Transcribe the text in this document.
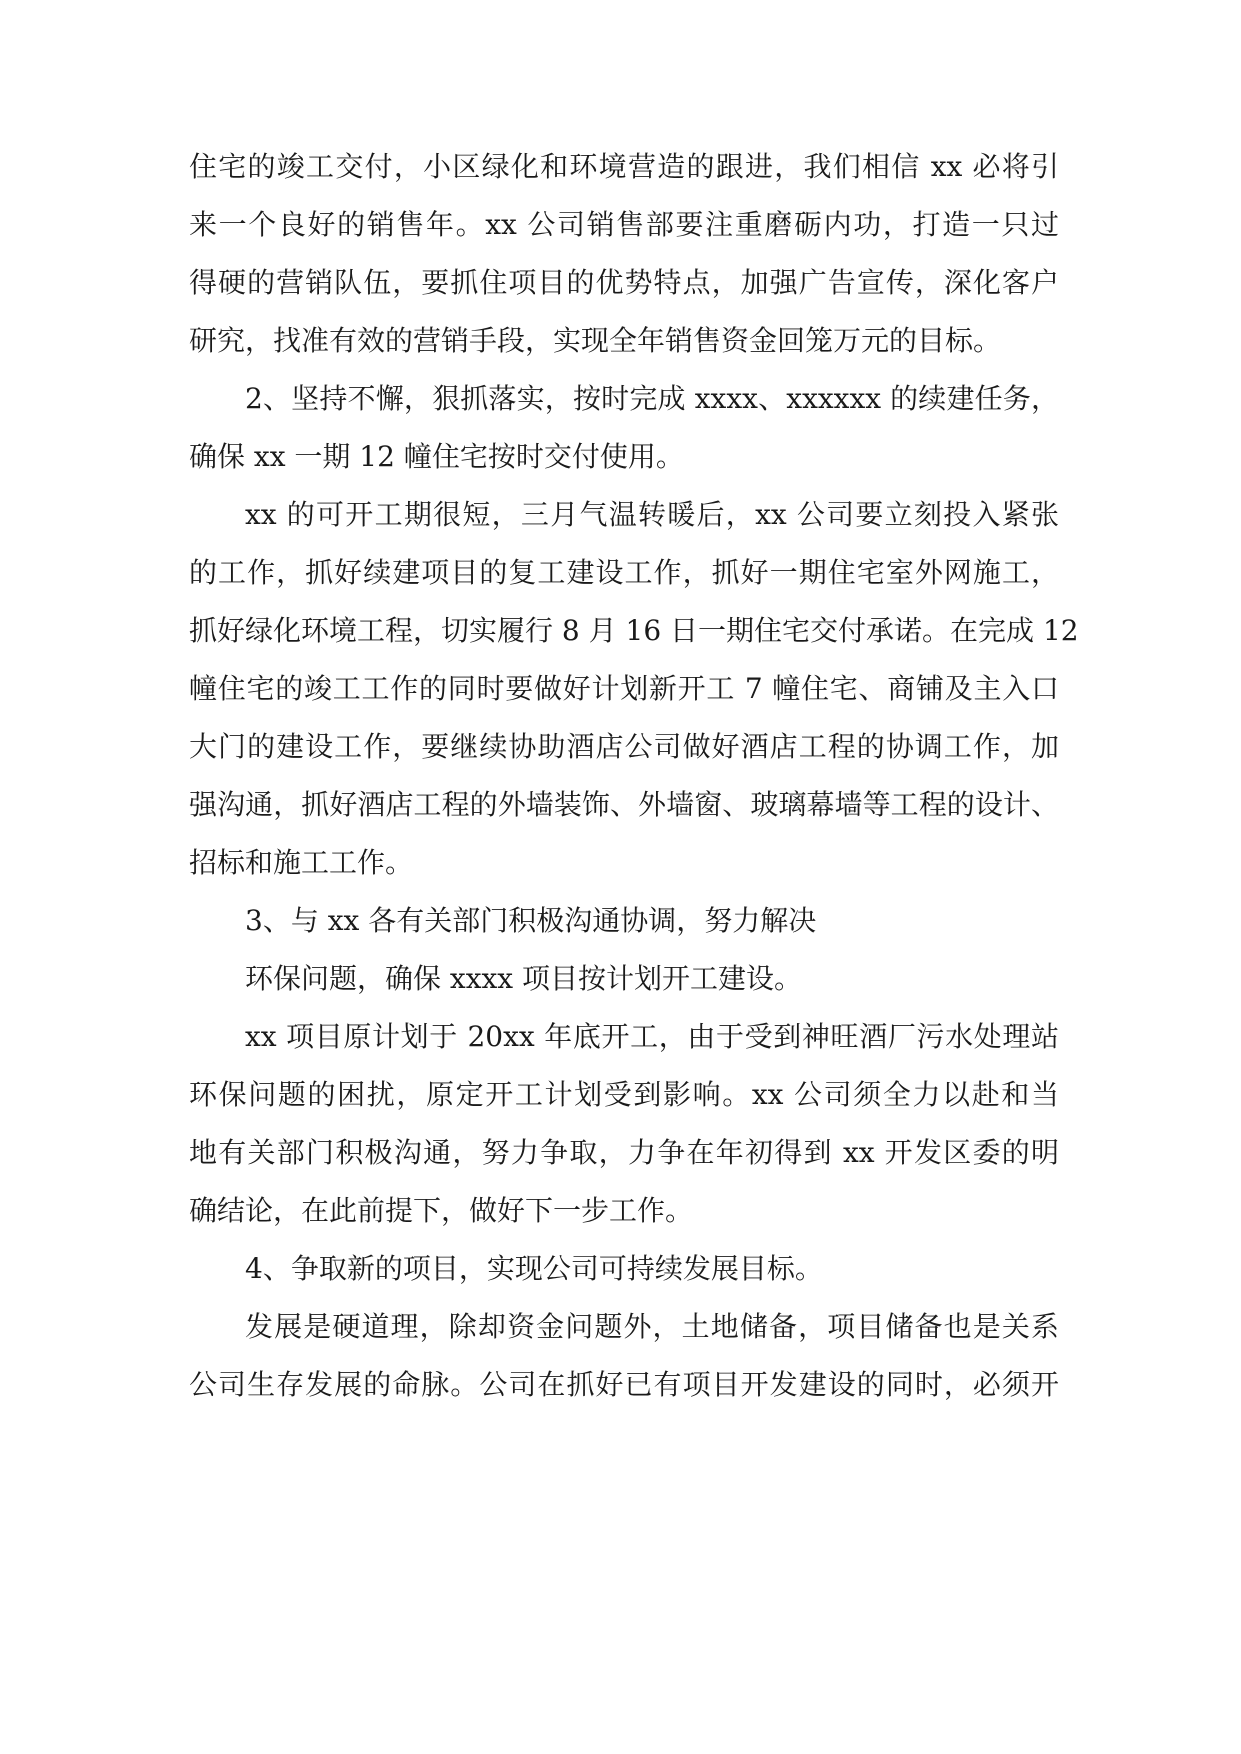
住宅的竣工交付，小区绿化和环境营造的跟进，我们相信 xx 必将引
来一个良好的销售年。xx 公司销售部要注重磨砺内功，打造一只过
得硬的营销队伍，要抓住项目的优势特点，加强广告宣传，深化客户
研究，找准有效的营销手段，实现全年销售资金回笼万元的目标。
2、坚持不懈，狠抓落实，按时完成 xxxx、xxxxxx 的续建任务，
确保 xx 一期 12 幢住宅按时交付使用。
xx 的可开工期很短，三月气温转暖后，xx 公司要立刻投入紧张
的工作，抓好续建项目的复工建设工作，抓好一期住宅室外网施工，
抓好绿化环境工程，切实履行 8 月 16 日一期住宅交付承诺。在完成 12
幢住宅的竣工工作的同时要做好计划新开工 7 幢住宅、商铺及主入口
大门的建设工作，要继续协助酒店公司做好酒店工程的协调工作，加
强沟通，抓好酒店工程的外墙装饰、外墙窗、玻璃幕墙等工程的设计、
招标和施工工作。
3、与 xx 各有关部门积极沟通协调，努力解决
环保问题，确保 xxxx 项目按计划开工建设。
xx 项目原计划于 20xx 年底开工，由于受到神旺酒厂污水处理站
环保问题的困扰，原定开工计划受到影响。xx 公司须全力以赴和当
地有关部门积极沟通，努力争取，力争在年初得到 xx 开发区委的明
确结论，在此前提下，做好下一步工作。
4、争取新的项目，实现公司可持续发展目标。
发展是硬道理，除却资金问题外，土地储备，项目储备也是关系
公司生存发展的命脉。公司在抓好已有项目开发建设的同时，必须开
